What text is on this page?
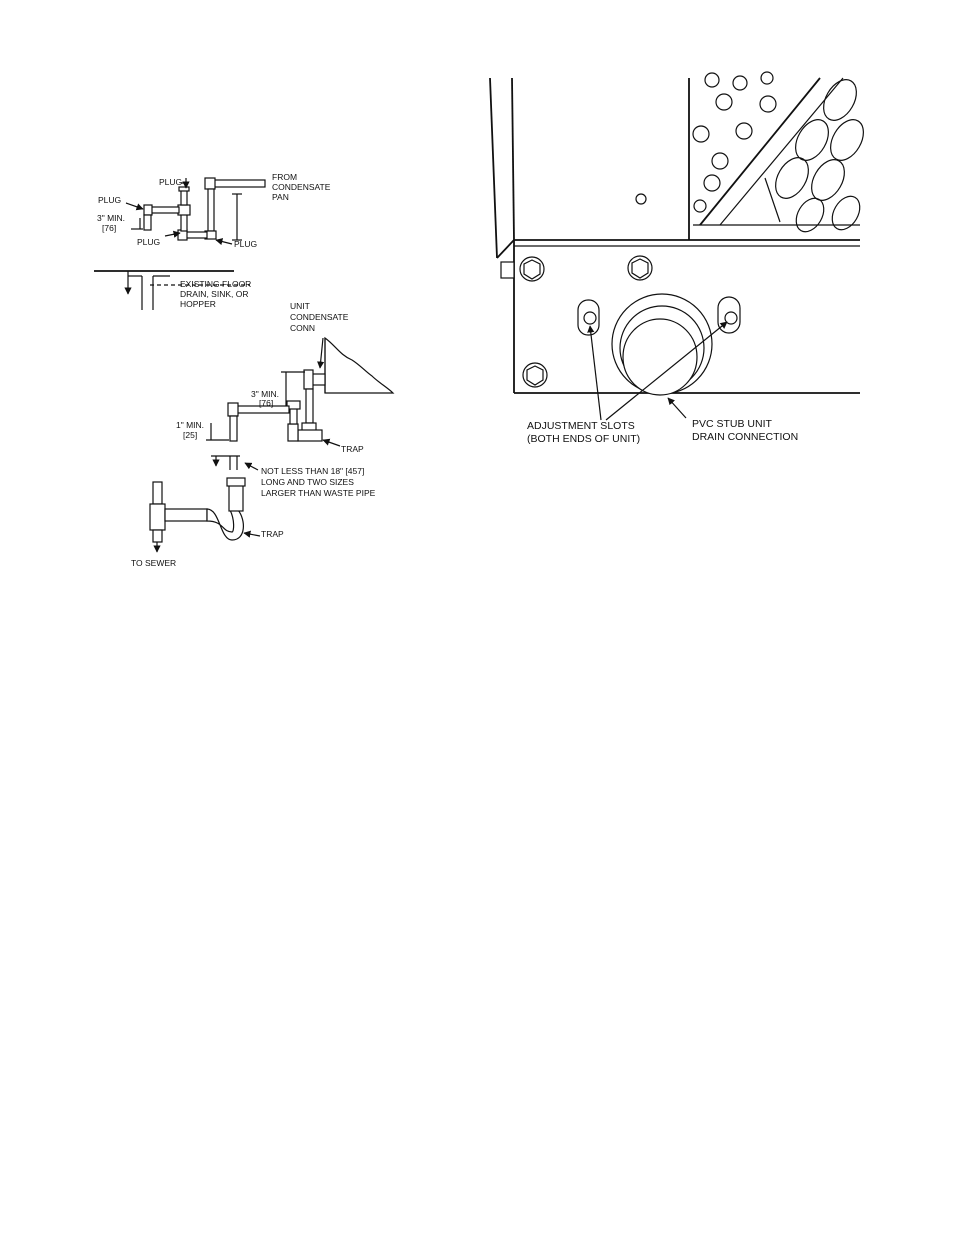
PLUG
PLUG
PLUG	PLUG
FROM
CONDENSATE
PAN
3" MIN.
[76]
EXISTING FLOOR
DRAIN, SINK, OR
HOPPER	UNIT
CONDENSATE
CONN
3" MIN.
[76]
1" MIN.
[25]
TRAP
NOT LESS THAN 18" [457]
LONG AND TWO SIZES
LARGER THAN WASTE PIPE
TRAP
TO SEWER
ADJUSTMENT SLOTS
(BOTH ENDS OF UNIT)
PVC STUB UNIT
DRAIN CONNECTION
